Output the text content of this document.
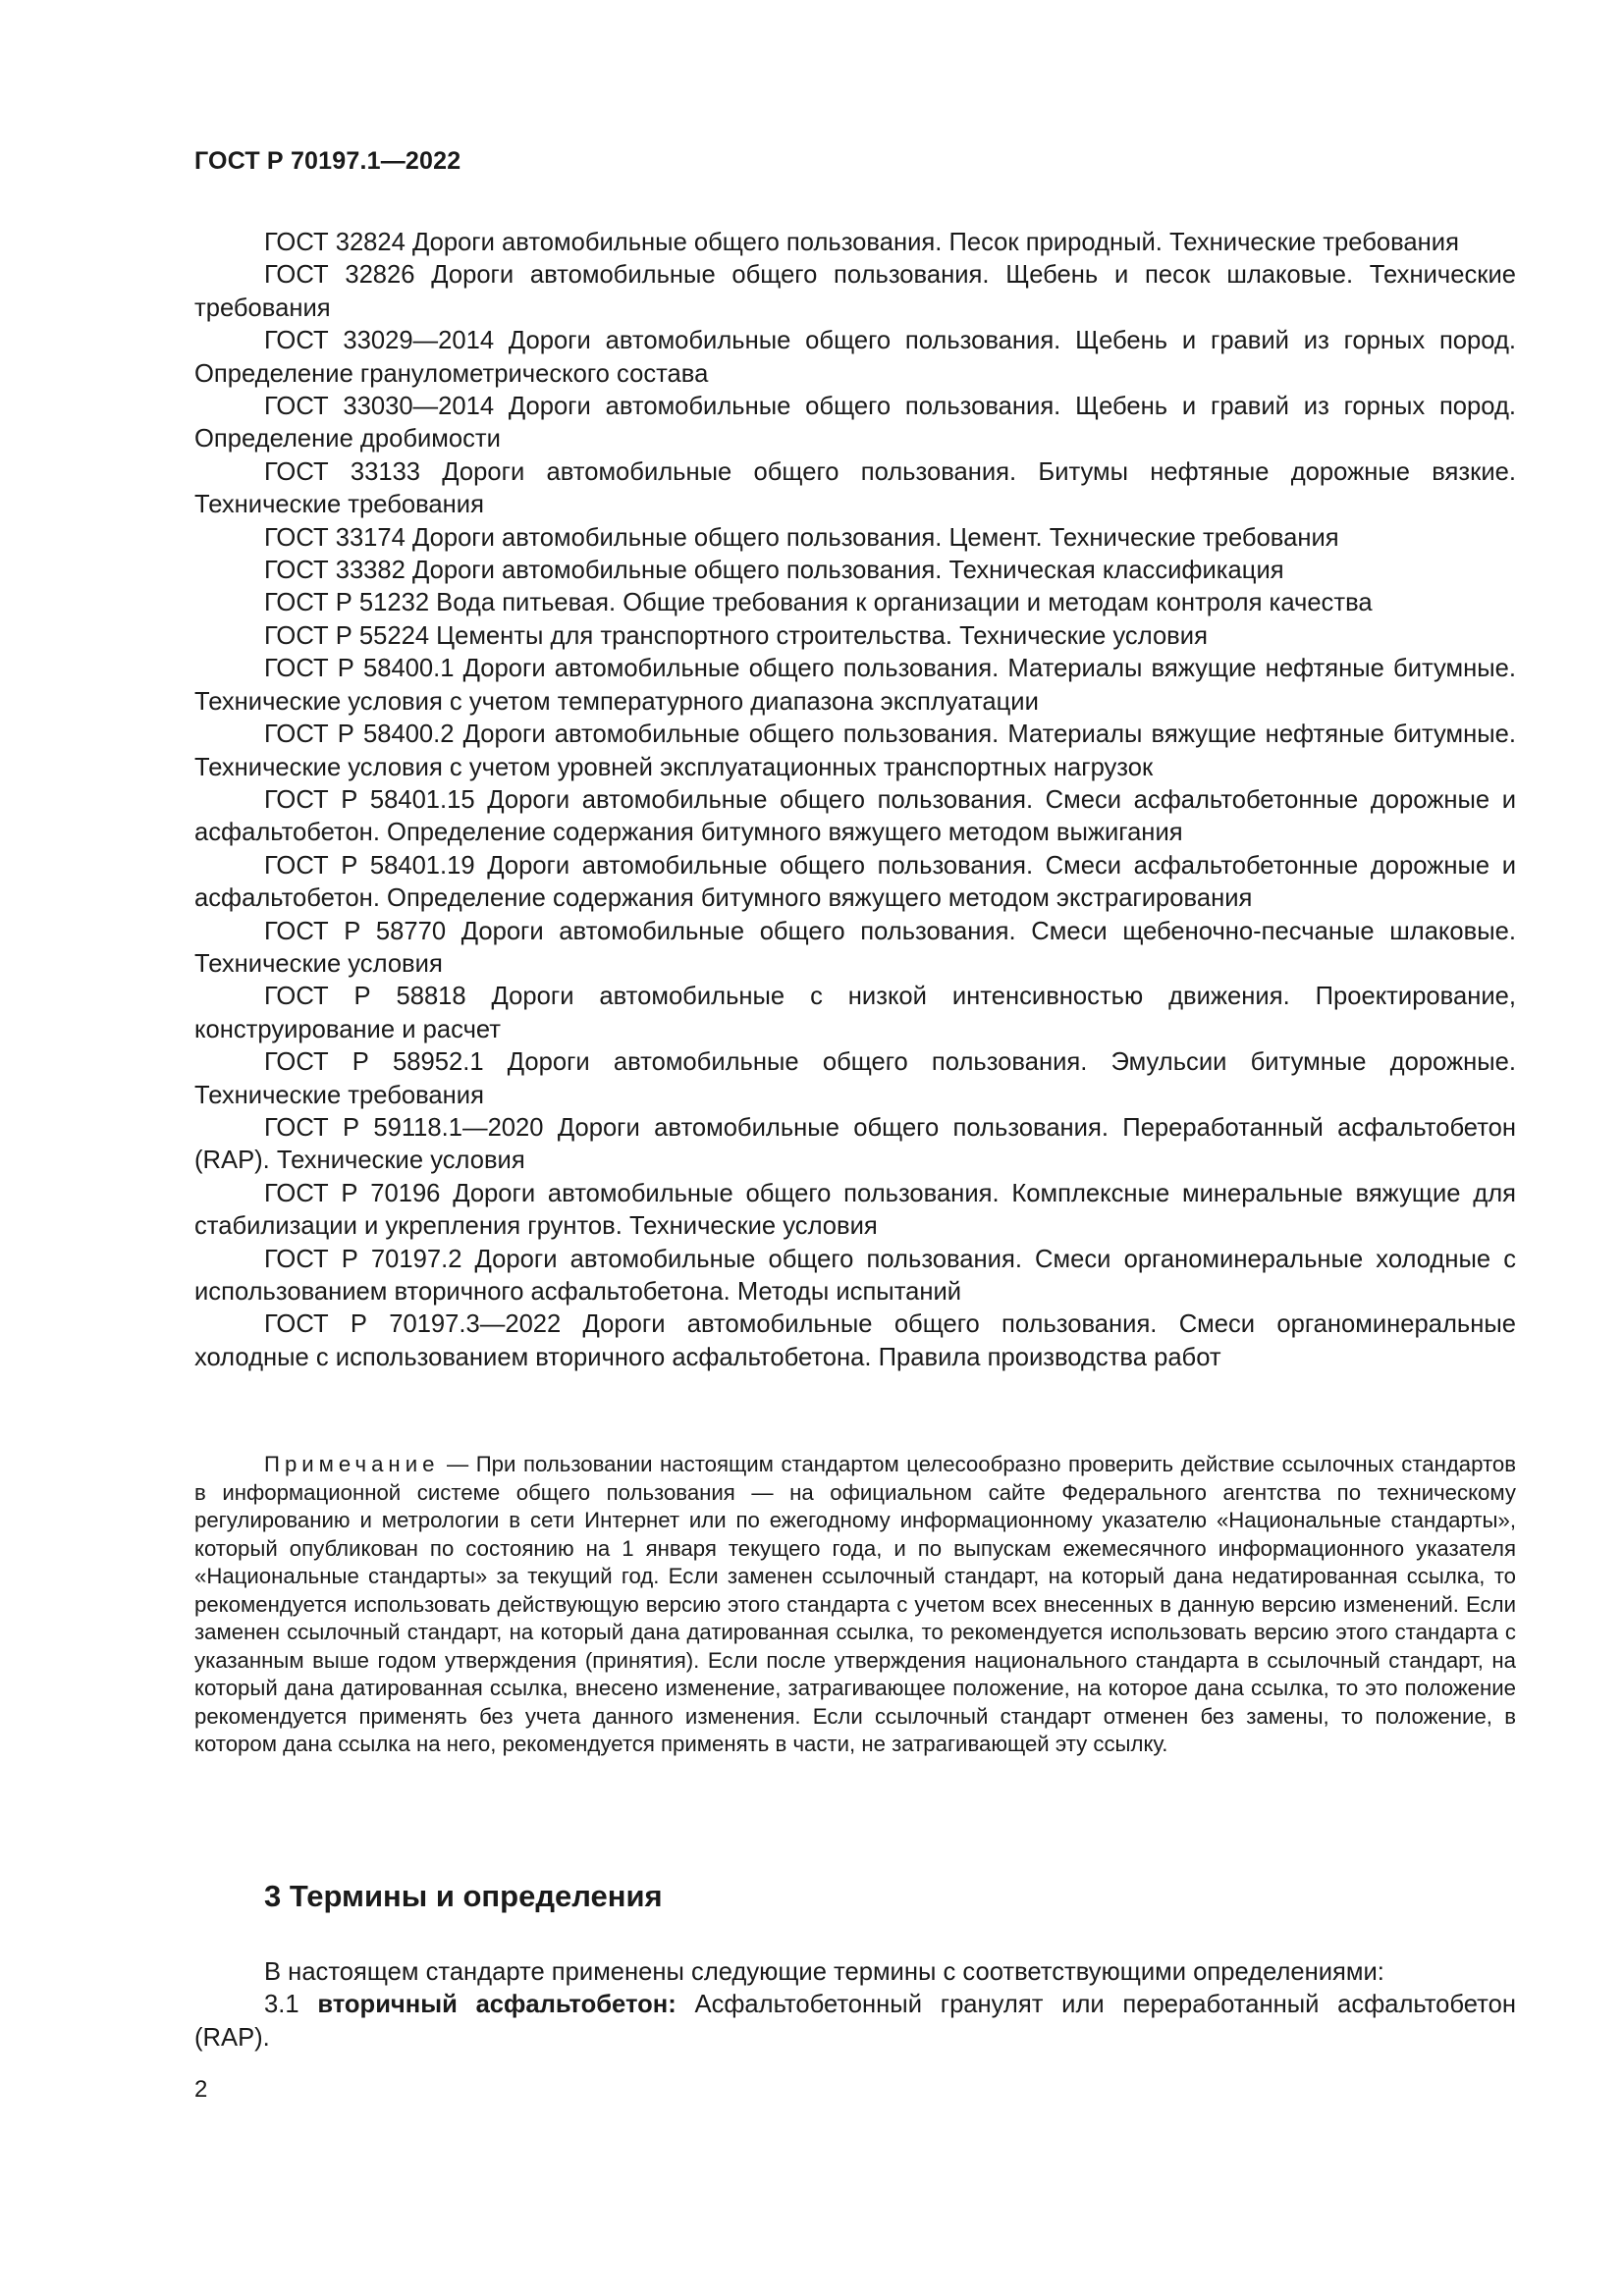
ГОСТ Р 70197.1—2022

ГОСТ 32824 Дороги автомобильные общего пользования. Песок природный. Технические требования

ГОСТ 32826 Дороги автомобильные общего пользования. Щебень и песок шлаковые. Технические требования

ГОСТ 33029—2014 Дороги автомобильные общего пользования. Щебень и гравий из горных пород. Определение гранулометрического состава

ГОСТ 33030—2014 Дороги автомобильные общего пользования. Щебень и гравий из горных пород. Определение дробимости

ГОСТ 33133 Дороги автомобильные общего пользования. Битумы нефтяные дорожные вязкие. Технические требования

ГОСТ 33174 Дороги автомобильные общего пользования. Цемент. Технические требования

ГОСТ 33382 Дороги автомобильные общего пользования. Техническая классификация

ГОСТ Р 51232 Вода питьевая. Общие требования к организации и методам контроля качества

ГОСТ Р 55224 Цементы для транспортного строительства. Технические условия

ГОСТ Р 58400.1 Дороги автомобильные общего пользования. Материалы вяжущие нефтяные битумные. Технические условия с учетом температурного диапазона эксплуатации

ГОСТ Р 58400.2 Дороги автомобильные общего пользования. Материалы вяжущие нефтяные битумные. Технические условия с учетом уровней эксплуатационных транспортных нагрузок

ГОСТ Р 58401.15 Дороги автомобильные общего пользования. Смеси асфальтобетонные дорожные и асфальтобетон. Определение содержания битумного вяжущего методом выжигания

ГОСТ Р 58401.19 Дороги автомобильные общего пользования. Смеси асфальтобетонные дорожные и асфальтобетон. Определение содержания битумного вяжущего методом экстрагирования

ГОСТ Р 58770 Дороги автомобильные общего пользования. Смеси щебеночно-песчаные шлаковые. Технические условия

ГОСТ Р 58818 Дороги автомобильные с низкой интенсивностью движения. Проектирование, конструирование и расчет

ГОСТ Р 58952.1 Дороги автомобильные общего пользования. Эмульсии битумные дорожные. Технические требования

ГОСТ Р 59118.1—2020 Дороги автомобильные общего пользования. Переработанный асфальтобетон (RAP). Технические условия

ГОСТ Р 70196 Дороги автомобильные общего пользования. Комплексные минеральные вяжущие для стабилизации и укрепления грунтов. Технические условия

ГОСТ Р 70197.2 Дороги автомобильные общего пользования. Смеси органоминеральные холодные с использованием вторичного асфальтобетона. Методы испытаний

ГОСТ Р 70197.3—2022 Дороги автомобильные общего пользования. Смеси органоминеральные холодные с использованием вторичного асфальтобетона. Правила производства работ

Примечание — При пользовании настоящим стандартом целесообразно проверить действие ссылочных стандартов в информационной системе общего пользования — на официальном сайте Федерального агентства по техническому регулированию и метрологии в сети Интернет или по ежегодному информационному указателю «Национальные стандарты», который опубликован по состоянию на 1 января текущего года, и по выпускам ежемесячного информационного указателя «Национальные стандарты» за текущий год. Если заменен ссылочный стандарт, на который дана недатированная ссылка, то рекомендуется использовать действующую версию этого стандарта с учетом всех внесенных в данную версию изменений. Если заменен ссылочный стандарт, на который дана датированная ссылка, то рекомендуется использовать версию этого стандарта с указанным выше годом утверждения (принятия). Если после утверждения национального стандарта в ссылочный стандарт, на который дана датированная ссылка, внесено изменение, затрагивающее положение, на которое дана ссылка, то это положение рекомендуется применять без учета данного изменения. Если ссылочный стандарт отменен без замены, то положение, в котором дана ссылка на него, рекомендуется применять в части, не затрагивающей эту ссылку.

3 Термины и определения

В настоящем стандарте применены следующие термины с соответствующими определениями:

3.1 вторичный асфальтобетон: Асфальтобетонный гранулят или переработанный асфальтобетон (RAP).

2
